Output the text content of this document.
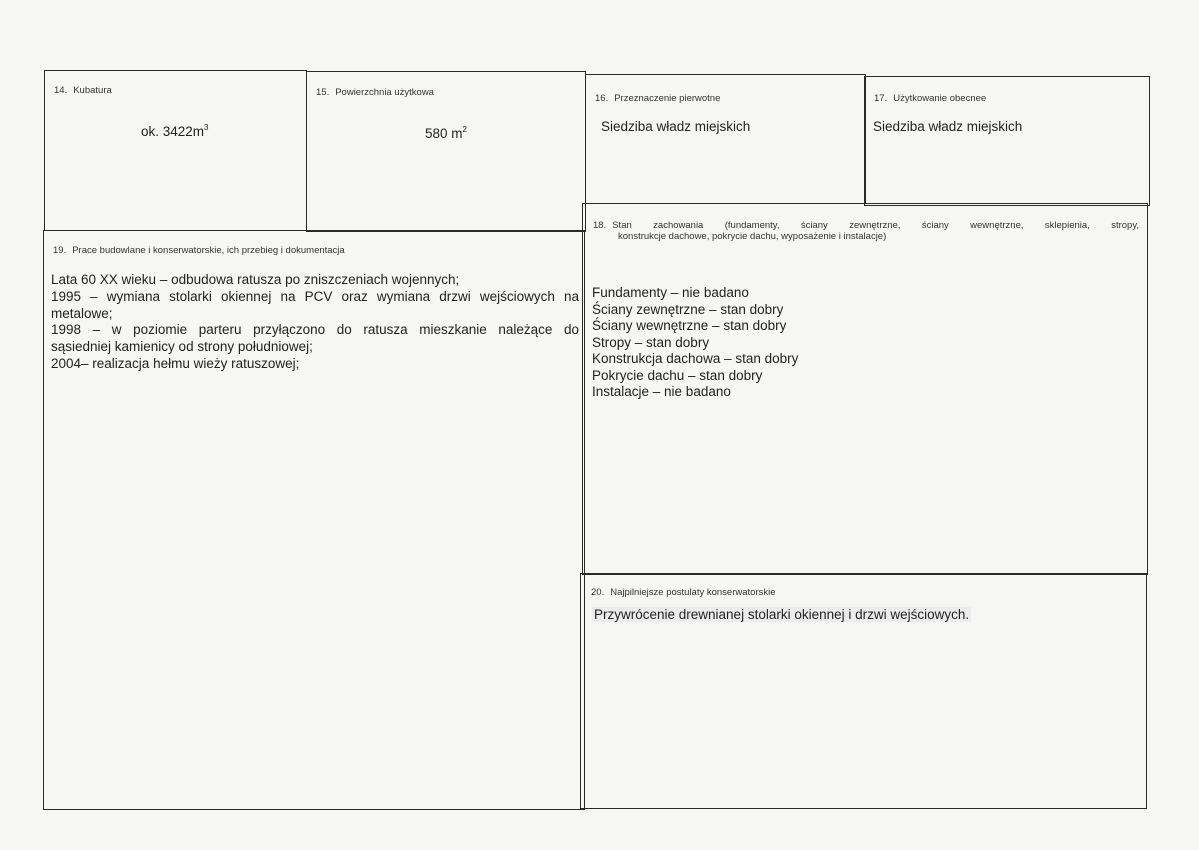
14. Kubatura
ok. $3422m^3$
15. Powierzchnia użytkowa
580 $m^2$
16. Przeznaczenie pierwotne
Siedziba władz miejskich
17. Użytkowanie obecnee
Siedziba władz miejskich
18. Stan zachowania (fundamenty, ściany zewnętrzne, ściany wewnętrzne, sklepienia, stropy,
konstrukcje dachowe, pokrycie dachu, wyposażenie i instalacje)
Fundamenty – nie badano
Ściany zewnętrzne – stan dobry
Ściany wewnętrzne – stan dobry
Stropy – stan dobry
Konstrukcja dachowa – stan dobry
Pokrycie dachu – stan dobry
Instalacje – nie badano
19. Prace budowlane i konserwatorskie, ich przebieg i dokumentacja
Lata 60 XX wieku – odbudowa ratusza po zniszczeniach wojennych;
1995 – wymiana stolarki okiennej na PCV oraz wymiana drzwi wejściowych na
metalowe;
1998 – w poziomie parteru przyłączono do ratusza mieszkanie należące do
sąsiedniej kamienicy od strony południowej;
2004– realizacja hełmu wieży ratuszowej;
20. Najpilniejsze postulaty konserwatorskie
Przywrócenie drewnianej stolarki okiennej i drzwi wejściowych.
